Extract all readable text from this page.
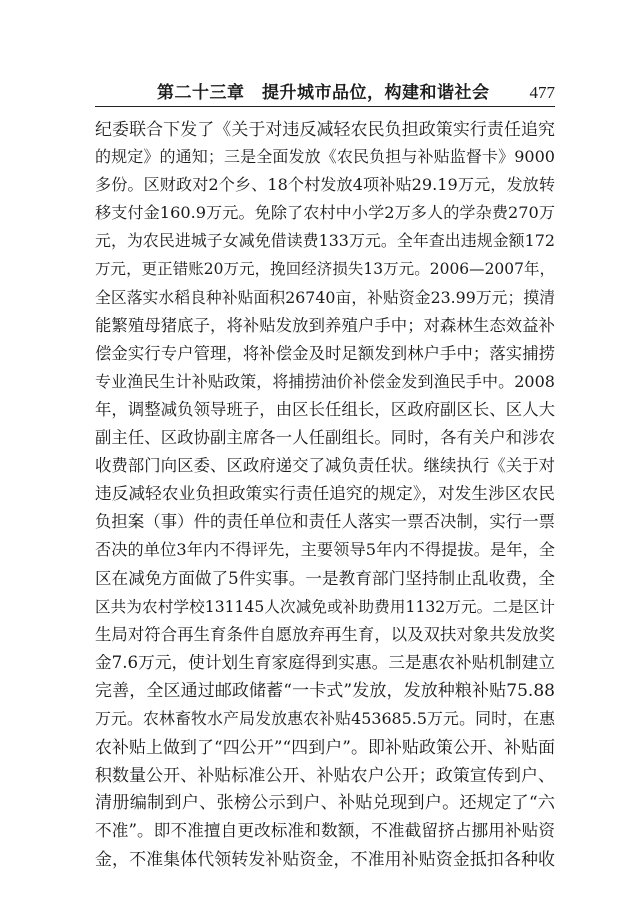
第二十三章　提升城市品位，构建和谐社会 477
纪委联合下发了《关于对违反减轻农民负担政策实行责任追究
的规定》的通知；三是全面发放《农民负担与补贴监督卡》9000
多份。区财政对2个乡、18个村发放4项补贴29.19万元，发放转
移支付金160.9万元。免除了农村中小学2万多人的学杂费270万
元，为农民进城子女减免借读费133万元。全年查出违规金额172
万元，更正错账20万元，挽回经济损失13万元。2006—2007年，
全区落实水稻良种补贴面积26740亩，补贴资金23.99万元；摸清
能繁殖母猪底子，将补贴发放到养殖户手中；对森林生态效益补
偿金实行专户管理，将补偿金及时足额发到林户手中；落实捕捞
专业渔民生计补贴政策，将捕捞油价补偿金发到渔民手中。2008
年，调整减负领导班子，由区长任组长，区政府副区长、区人大
副主任、区政协副主席各一人任副组长。同时，各有关户和涉农
收费部门向区委、区政府递交了减负责任状。继续执行《关于对
违反减轻农业负担政策实行责任追究的规定》，对发生涉区农民
负担案（事）件的责任单位和责任人落实一票否决制，实行一票
否决的单位3年内不得评先，主要领导5年内不得提拔。是年，全
区在减免方面做了5件实事。一是教育部门坚持制止乱收费，全
区共为农村学校131145人次减免或补助费用1132万元。二是区计
生局对符合再生育条件自愿放弃再生育，以及双扶对象共发放奖
金7.6万元，使计划生育家庭得到实惠。三是惠农补贴机制建立
完善，全区通过邮政储蓄“一卡式”发放，发放种粮补贴75.88
万元。农林畜牧水产局发放惠农补贴453685.5万元。同时，在惠
农补贴上做到了“四公开”“四到户”。即补贴政策公开、补贴面
积数量公开、补贴标准公开、补贴农户公开；政策宣传到户、
清册编制到户、张榜公示到户、补贴兑现到户。还规定了“六
不准”。即不准擅自更改标准和数额，不准截留挤占挪用补贴资
金，不准集体代领转发补贴资金，不准用补贴资金抵扣各种收
